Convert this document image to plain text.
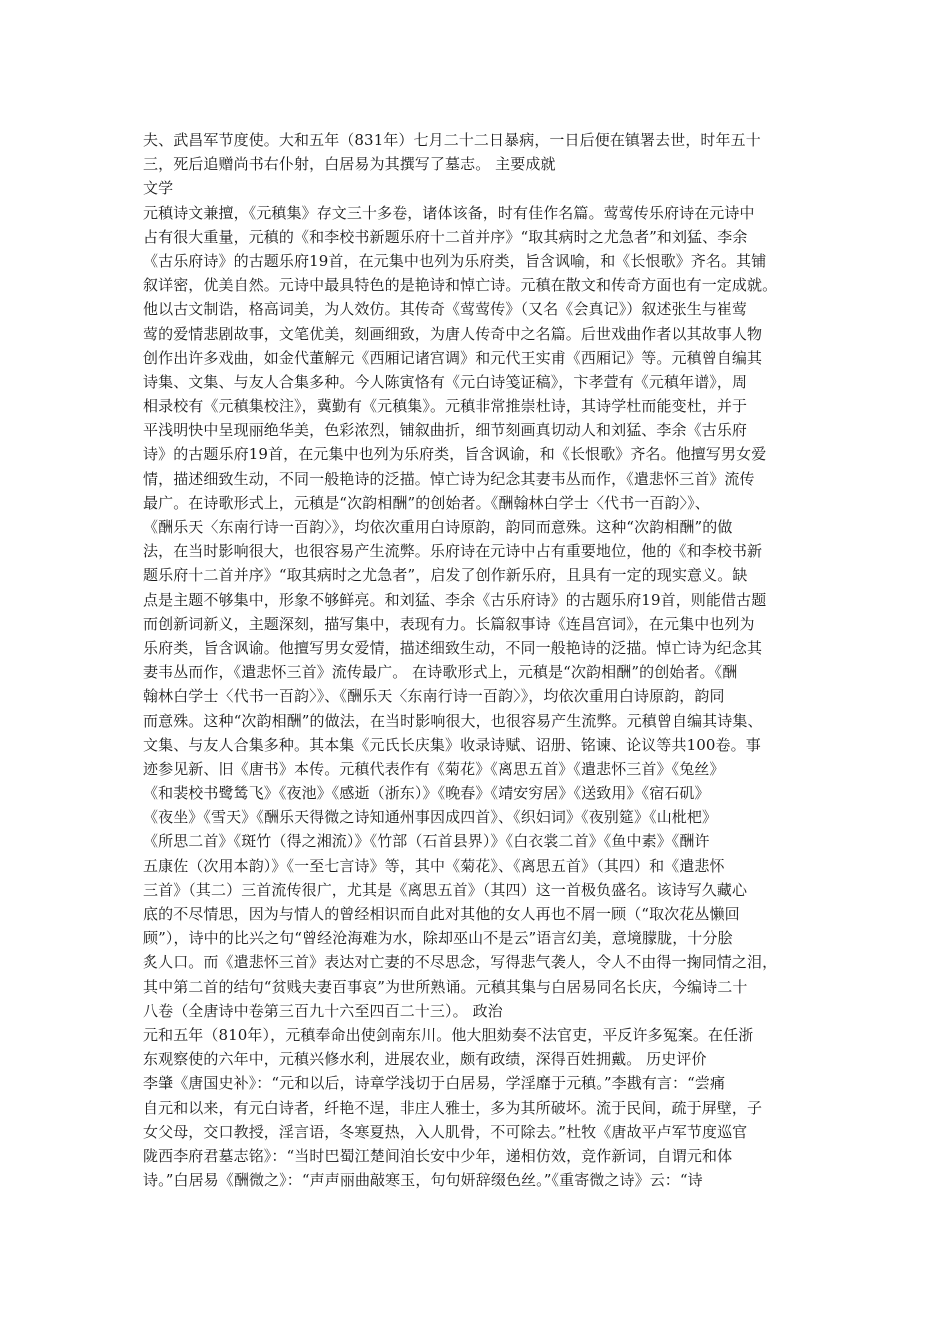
夫、武昌军节度使。大和五年（831年）七月二十二日暴病，一日后便在镇署去世，时年五十
三，死后追赠尚书右仆射，白居易为其撰写了墓志。 主要成就
文学
元稹诗文兼擅，《元稹集》存文三十多卷，诸体该备，时有佳作名篇。莺莺传乐府诗在元诗中
占有很大重量，元稹的《和李校书新题乐府十二首并序》“取其病时之尤急者”和刘猛、李余
《古乐府诗》的古题乐府19首，在元集中也列为乐府类，旨含讽喻，和《长恨歌》齐名。其铺
叙详密，优美自然。元诗中最具特色的是艳诗和悼亡诗。元稹在散文和传奇方面也有一定成就。
他以古文制诰，格高词美，为人效仿。其传奇《莺莺传》（又名《会真记》）叙述张生与崔莺
莺的爱情悲剧故事，文笔优美，刻画细致，为唐人传奇中之名篇。后世戏曲作者以其故事人物
创作出许多戏曲，如金代董解元《西厢记诸宫调》和元代王实甫《西厢记》等。元稹曾自编其
诗集、文集、与友人合集多种。今人陈寅恪有《元白诗笺证稿》，卞孝萱有《元稹年谱》，周
相录校有《元稹集校注》，冀勤有《元稹集》。元稹非常推崇杜诗，其诗学杜而能变杜，并于
平浅明快中呈现丽绝华美，色彩浓烈，铺叙曲折，细节刻画真切动人和刘猛、李余《古乐府
诗》的古题乐府19首，在元集中也列为乐府类，旨含讽谕，和《长恨歌》齐名。他擅写男女爱
情，描述细致生动，不同一般艳诗的泛描。悼亡诗为纪念其妻韦丛而作，《遣悲怀三首》流传
最广。在诗歌形式上，元稹是“次韵相酬”的创始者。《酬翰林白学士〈代书一百韵〉》、
《酬乐天〈东南行诗一百韵〉》，均依次重用白诗原韵，韵同而意殊。这种“次韵相酬”的做
法，在当时影响很大，也很容易产生流弊。乐府诗在元诗中占有重要地位，他的《和李校书新
题乐府十二首并序》“取其病时之尤急者”，启发了创作新乐府，且具有一定的现实意义。缺
点是主题不够集中，形象不够鲜亮。和刘猛、李余《古乐府诗》的古题乐府19首，则能借古题
而创新词新义，主题深刻，描写集中，表现有力。长篇叙事诗《连昌宫词》，在元集中也列为
乐府类，旨含讽谕。他擅写男女爱情，描述细致生动，不同一般艳诗的泛描。悼亡诗为纪念其
妻韦丛而作，《遣悲怀三首》流传最广。 在诗歌形式上，元稹是“次韵相酬”的创始者。《酬
翰林白学士〈代书一百韵〉》、《酬乐天〈东南行诗一百韵〉》，均依次重用白诗原韵，韵同
而意殊。这种“次韵相酬”的做法，在当时影响很大，也很容易产生流弊。元稹曾自编其诗集、
文集、与友人合集多种。其本集《元氏长庆集》收录诗赋、诏册、铭谏、论议等共100卷。事
迹参见新、旧《唐书》本传。元稹代表作有《菊花》《离思五首》《遣悲怀三首》《兔丝》
《和裴校书鹭鸶飞》《夜池》《感逝（浙东）》《晚春》《靖安穷居》《送致用》《宿石矶》
《夜坐》《雪天》《酬乐天得微之诗知通州事因成四首》、《织妇词》《夜别筵》《山枇杷》
《所思二首》《斑竹（得之湘流）》《竹部（石首县界）》《白衣裳二首》《鱼中素》《酬许
五康佐（次用本韵）》《一至七言诗》等，其中《菊花》、《离思五首》（其四）和《遣悲怀
三首》（其二）三首流传很广，尤其是《离思五首》（其四）这一首极负盛名。该诗写久藏心
底的不尽情思，因为与情人的曾经相识而自此对其他的女人再也不屑一顾（“取次花丛懒回
顾”），诗中的比兴之句“曾经沧海难为水，除却巫山不是云”语言幻美，意境朦胧，十分脍
炙人口。而《遣悲怀三首》表达对亡妻的不尽思念，写得悲气袭人，令人不由得一掬同情之泪，
其中第二首的结句“贫贱夫妻百事哀”为世所熟诵。元稹其集与白居易同名长庆，今编诗二十
八卷（全唐诗中卷第三百九十六至四百二十三）。 政治
元和五年（810年），元稹奉命出使剑南东川。他大胆劾奏不法官吏，平反许多冤案。在任浙
东观察使的六年中，元稹兴修水利，进展农业，颇有政绩，深得百姓拥戴。 历史评价
李肇《唐国史补》：“元和以后，诗章学浅切于白居易，学淫靡于元稹。”李戡有言：“尝痛
自元和以来，有元白诗者，纤艳不逞，非庄人雅士，多为其所破坏。流于民间，疏于屏壁，子
女父母，交口教授，淫言语，冬寒夏热，入人肌骨，不可除去。”杜牧《唐故平卢军节度巡官
陇西李府君墓志铭》：“当时巴蜀江楚间洎长安中少年，递相仿效，竞作新词，自谓元和体
诗。”白居易《酬微之》：“声声丽曲敲寒玉，句句妍辞缀色丝。”《重寄微之诗》云：“诗
